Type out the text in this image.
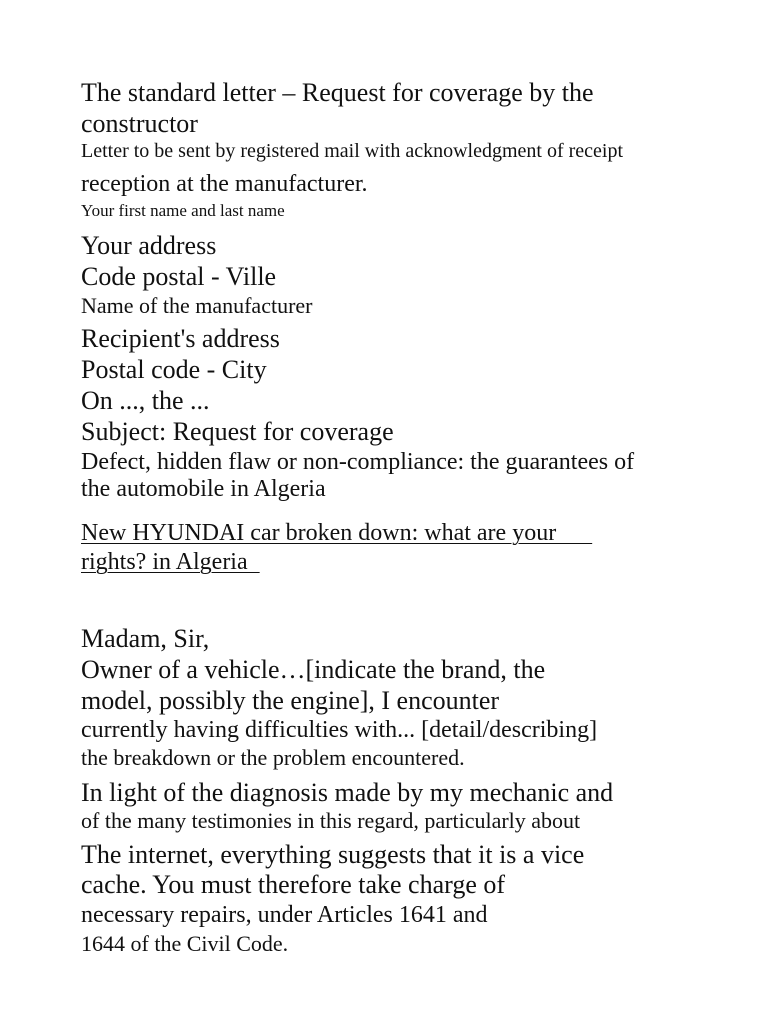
The standard letter – Request for coverage by the
constructor
Letter to be sent by registered mail with acknowledgment of receipt
reception at the manufacturer.
Your first name and last name
Your address
Code postal - Ville
Name of the manufacturer
Recipient's address
Postal code - City
On ..., the ...
Subject: Request for coverage
Defect, hidden flaw or non-compliance: the guarantees of
the automobile in Algeria
New HYUNDAI car broken down: what are your
rights? in Algeria
Madam, Sir,
Owner of a vehicle…[indicate the brand, the
model, possibly the engine], I encounter
currently having difficulties with... [detail/describing]
the breakdown or the problem encountered.
In light of the diagnosis made by my mechanic and
of the many testimonies in this regard, particularly about
The internet, everything suggests that it is a vice
cache. You must therefore take charge of
necessary repairs, under Articles 1641 and
1644 of the Civil Code.
